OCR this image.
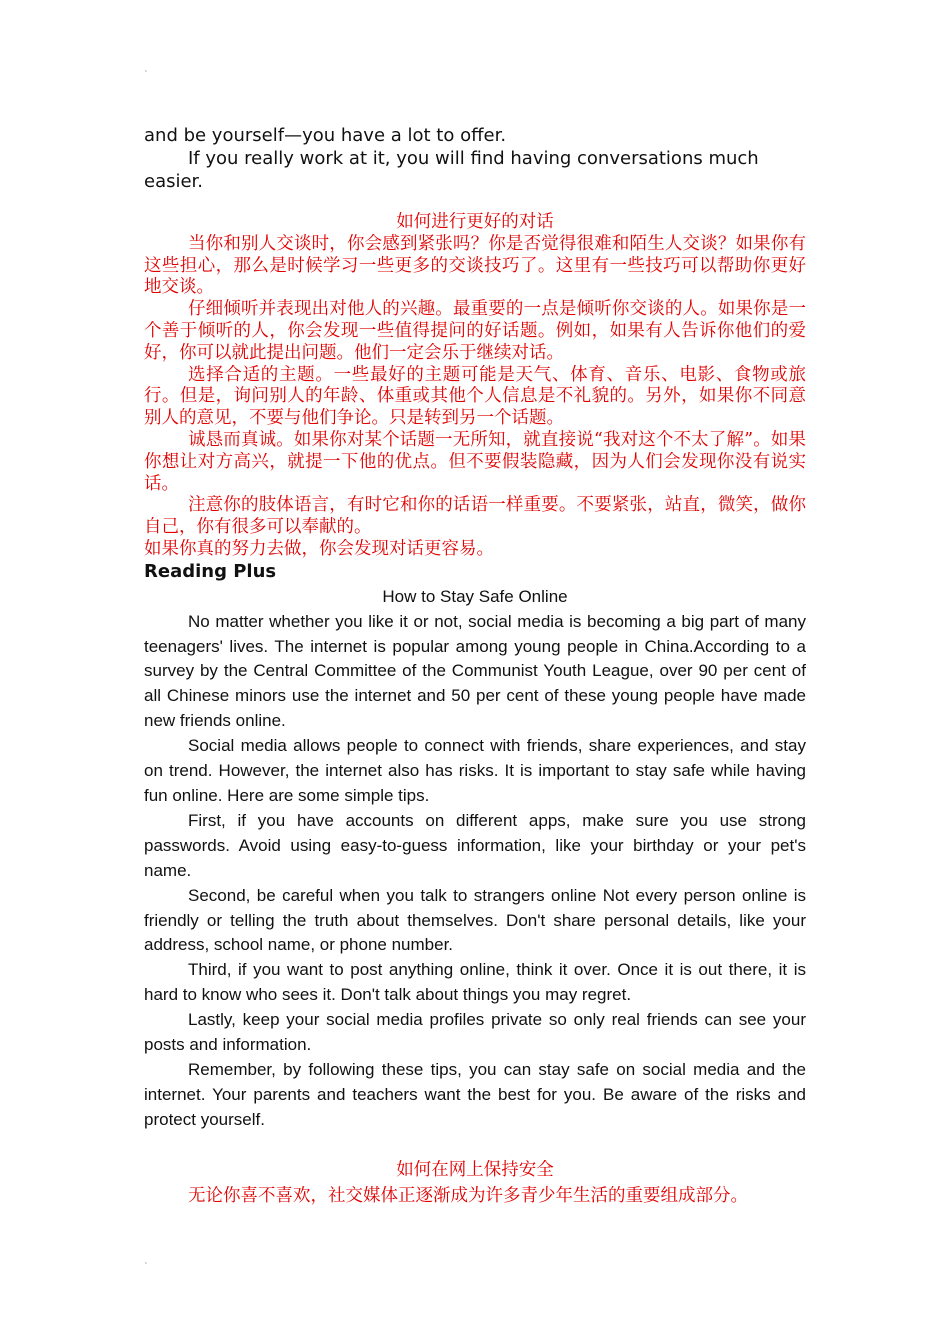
˛

and be yourself—you have a lot to offer.

If you really work at it, you will find having conversations much easier.

如何进行更好的对话

当你和别人交谈时，你会感到紧张吗？你是否觉得很难和陌生人交谈？如果你有这些担心，那么是时候学习一些更多的交谈技巧了。这里有一些技巧可以帮助你更好地交谈。

仔细倾听并表现出对他人的兴趣。最重要的一点是倾听你交谈的人。如果你是一个善于倾听的人，你会发现一些值得提问的好话题。例如，如果有人告诉你他们的爱好，你可以就此提出问题。他们一定会乐于继续对话。

选择合适的主题。一些最好的主题可能是天气、体育、音乐、电影、食物或旅行。但是，询问别人的年龄、体重或其他个人信息是不礼貌的。另外，如果你不同意别人的意见，不要与他们争论。只是转到另一个话题。

诚恳而真诚。如果你对某个话题一无所知，就直接说“我对这个不太了解”。如果你想让对方高兴，就提一下他的优点。但不要假装隐藏，因为人们会发现你没有说实话。

注意你的肢体语言，有时它和你的话语一样重要。不要紧张，站直，微笑，做你自己，你有很多可以奉献的。

如果你真的努力去做，你会发现对话更容易。

Reading Plus

How to Stay Safe Online

No matter whether you like it or not, social media is becoming a big part of many teenagers' lives. The internet is popular among young people in China.According to a survey by the Central Committee of the Communist Youth League, over 90 per cent of all Chinese minors use the internet and 50 per cent of these young people have made new friends online.

Social media allows people to connect with friends, share experiences, and stay on trend. However, the internet also has risks. It is important to stay safe while having fun online. Here are some simple tips.

First, if you have accounts on different apps, make sure you use strong passwords. Avoid using easy-to-guess information, like your birthday or your pet's name.

Second, be careful when you talk to strangers online Not every person online is friendly or telling the truth about themselves. Don't share personal details, like your address, school name, or phone number.

Third, if you want to post anything online, think it over. Once it is out there, it is hard to know who sees it. Don't talk about things you may regret.

Lastly, keep your social media profiles private so only real friends can see your posts and information.

Remember, by following these tips, you can stay safe on social media and the internet. Your parents and teachers want the best for you. Be aware of the risks and protect yourself.

如何在网上保持安全

无论你喜不喜欢，社交媒体正逐渐成为许多青少年生活的重要组成部分。

˛
